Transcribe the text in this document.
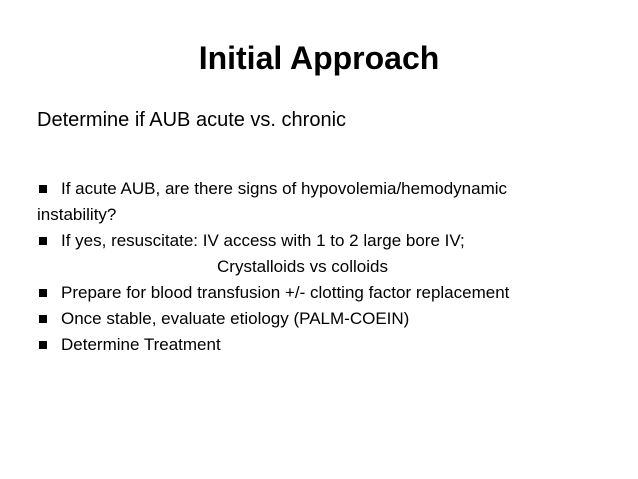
Initial Approach
Determine if AUB acute vs. chronic
If acute AUB, are there signs of hypovolemia/hemodynamic
instability?
If yes, resuscitate: IV access with 1 to 2 large bore IV;
Crystalloids vs colloids
Prepare for blood transfusion +/- clotting factor replacement
Once stable, evaluate etiology (PALM-COEIN)
Determine Treatment
